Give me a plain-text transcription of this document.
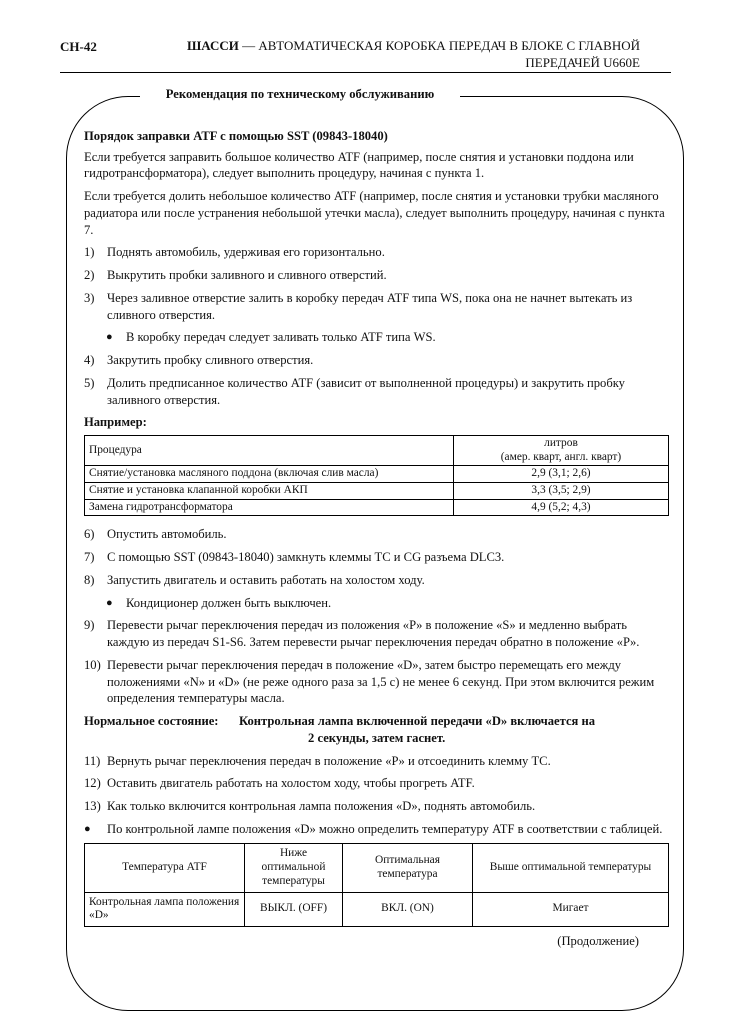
CH-42	ШАССИ — АВТОМАТИЧЕСКАЯ КОРОБКА ПЕРЕДАЧ В БЛОКЕ С ГЛАВНОЙ
ПЕРЕДАЧЕЙ U660E
Рекомендация по техническому обслуживанию
Порядок заправки ATF с помощью SST (09843-18040)
Если требуется заправить большое количество ATF (например, после снятия и установки поддона или гидротрансформатора), следует выполнить процедуру, начиная с пункта 1.
Если требуется долить небольшое количество ATF (например, после снятия и установки трубки масляного радиатора или после устранения небольшой утечки масла), следует выполнить процедуру, начиная с пункта 7.
1) Поднять автомобиль, удерживая его горизонтально.
2) Выкрутить пробки заливного и сливного отверстий.
3) Через заливное отверстие залить в коробку передач ATF типа WS, пока она не начнет вытекать из сливного отверстия.
●	В коробку передач следует заливать только ATF типа WS.
4) Закрутить пробку сливного отверстия.
5) Долить предписанное количество ATF (зависит от выполненной процедуры) и закрутить пробку заливного отверстия.
Например:
Процедура	литров
(амер. кварт, англ. кварт)
Снятие/установка масляного поддона (включая слив масла)	2,9 (3,1; 2,6)
Снятие и установка клапанной коробки АКП	3,3 (3,5; 2,9)
Замена гидротрансформатора	4,9 (5,2; 4,3)
6) Опустить автомобиль.
7) С помощью SST (09843-18040) замкнуть клеммы TC и CG разъема DLC3.
8) Запустить двигатель и оставить работать на холостом ходу.
●	Кондиционер должен быть выключен.
9) Перевести рычаг переключения передач из положения «P» в положение «S» и медленно выбрать каждую из передач S1-S6. Затем перевести рычаг переключения передач обратно в положение «P».
10) Перевести рычаг переключения передач в положение «D», затем быстро перемещать его между положениями «N» и «D» (не реже одного раза за 1,5 с) не менее 6 секунд. При этом включится режим определения температуры масла.
Нормальное состояние:	Контрольная лампа включенной передачи «D» включается на
2 секунды, затем гаснет.
11) Вернуть рычаг переключения передач в положение «P» и отсоединить клемму TC.
12) Оставить двигатель работать на холостом ходу, чтобы прогреть ATF.
13) Как только включится контрольная лампа положения «D», поднять автомобиль.
●	По контрольной лампе положения «D» можно определить температуру ATF в соответствии с таблицей.
Температура ATF	Ниже оптимальной температуры	Оптимальная температура	Выше оптимальной температуры
Контрольная лампа положения «D»	ВЫКЛ. (OFF)	ВКЛ. (ON)	Мигает
(Продолжение)
